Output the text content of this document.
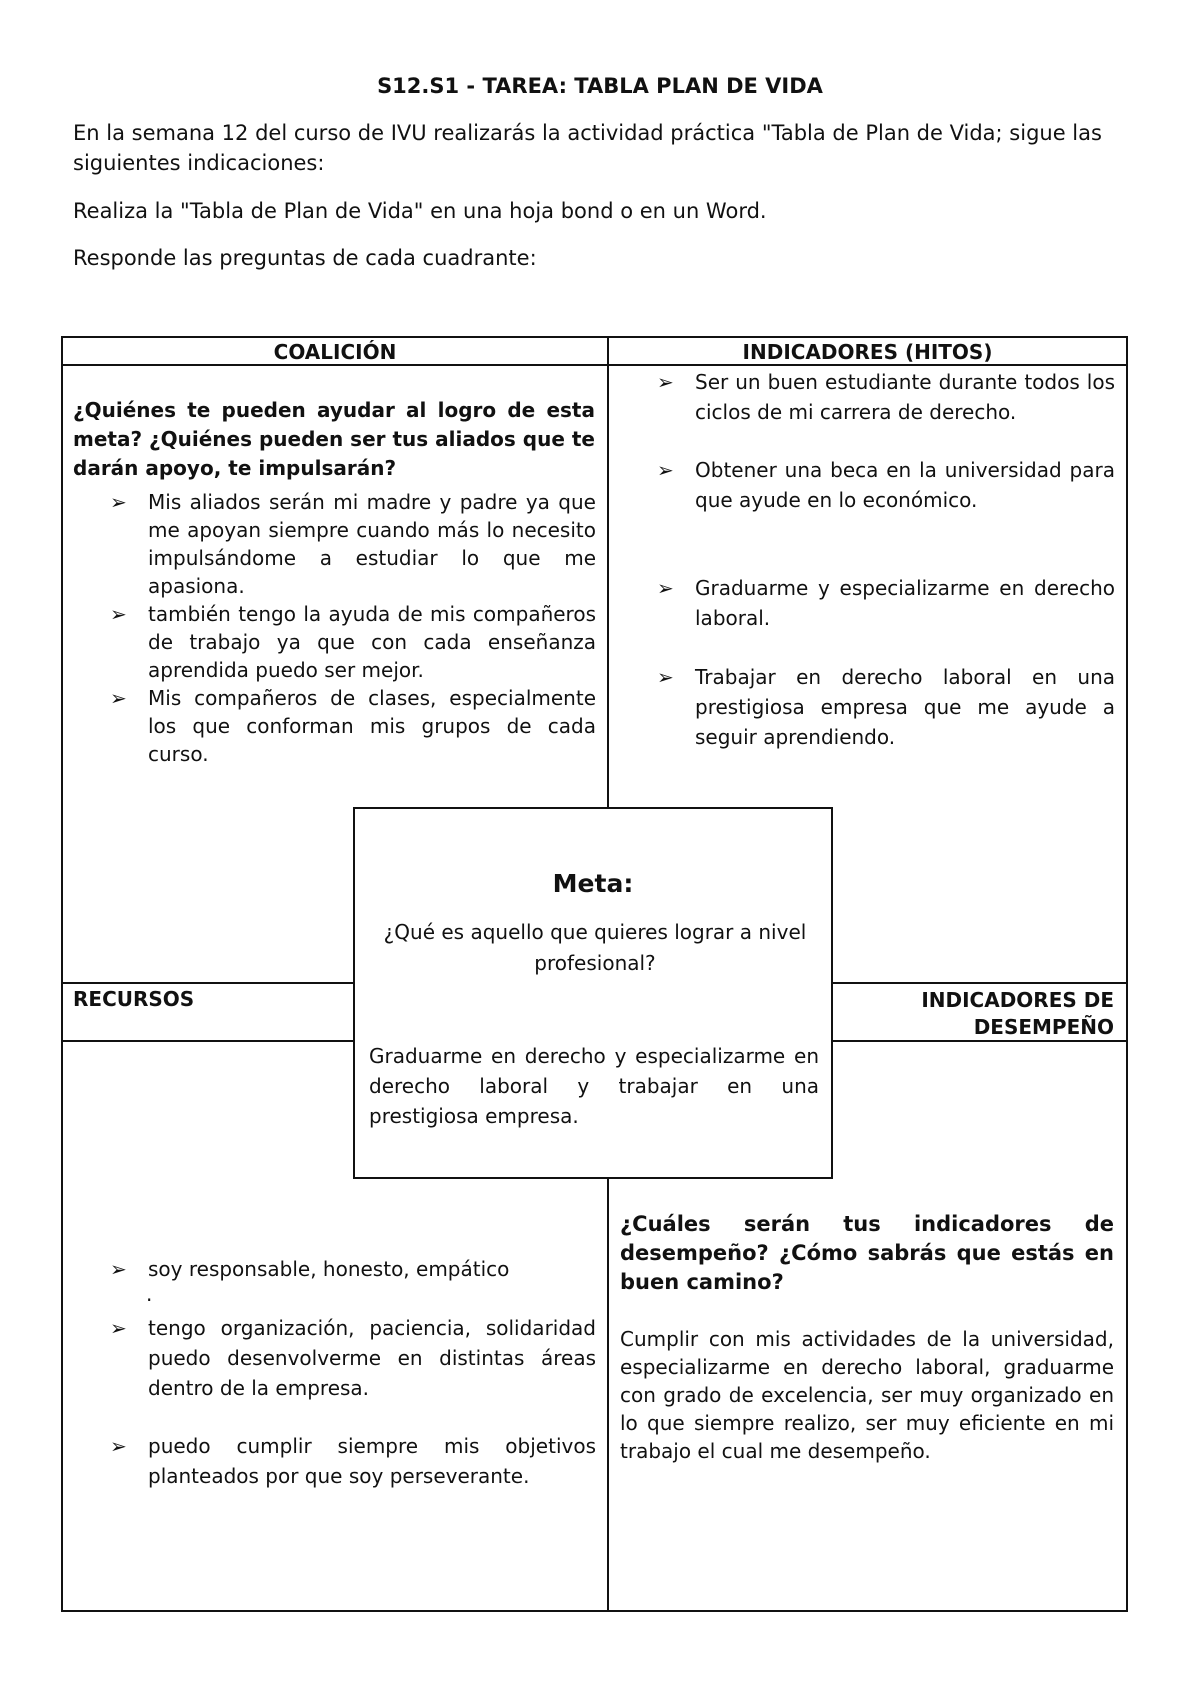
S12.S1 - TAREA: TABLA PLAN DE VIDA

En la semana 12 del curso de IVU realizarás la actividad práctica "Tabla de Plan de Vida; sigue las siguientes indicaciones:

Realiza la "Tabla de Plan de Vida" en una hoja bond o en un Word.

Responde las preguntas de cada cuadrante:

COALICIÓN	INDICADORES (HITOS)
RECURSOS	INDICADORES DE DESEMPEÑO

¿Quiénes te pueden ayudar al logro de esta meta? ¿Quiénes pueden ser tus aliados que te darán apoyo, te impulsarán?

➢ Mis aliados serán mi madre y padre ya que me apoyan siempre cuando más lo necesito impulsándome a estudiar lo que me apasiona.
➢ también tengo la ayuda de mis compañeros de trabajo ya que con cada enseñanza aprendida puedo ser mejor.
➢ Mis compañeros de clases, especialmente los que conforman mis grupos de cada curso.
➢ Ser un buen estudiante durante todos los ciclos de mi carrera de derecho.
➢ Obtener una beca en la universidad para que ayude en lo económico.
➢ Graduarme y especializarme en derecho laboral.
➢ Trabajar en derecho laboral en una prestigiosa empresa que me ayude a seguir aprendiendo.
➢ soy responsable, honesto, empático
.
➢ tengo organización, paciencia, solidaridad puedo desenvolverme en distintas áreas dentro de la empresa.
➢ puedo cumplir siempre mis objetivos planteados por que soy perseverante.

¿Cuáles serán tus indicadores de desempeño? ¿Cómo sabrás que estás en buen camino?

Cumplir con mis actividades de la universidad, especializarme en derecho laboral, graduarme con grado de excelencia, ser muy organizado en lo que siempre realizo, ser muy eficiente en mi trabajo el cual me desempeño.

Meta:

¿Qué es aquello que quieres lograr a nivel profesional?

Graduarme en derecho y especializarme en derecho laboral y trabajar en una prestigiosa empresa.
